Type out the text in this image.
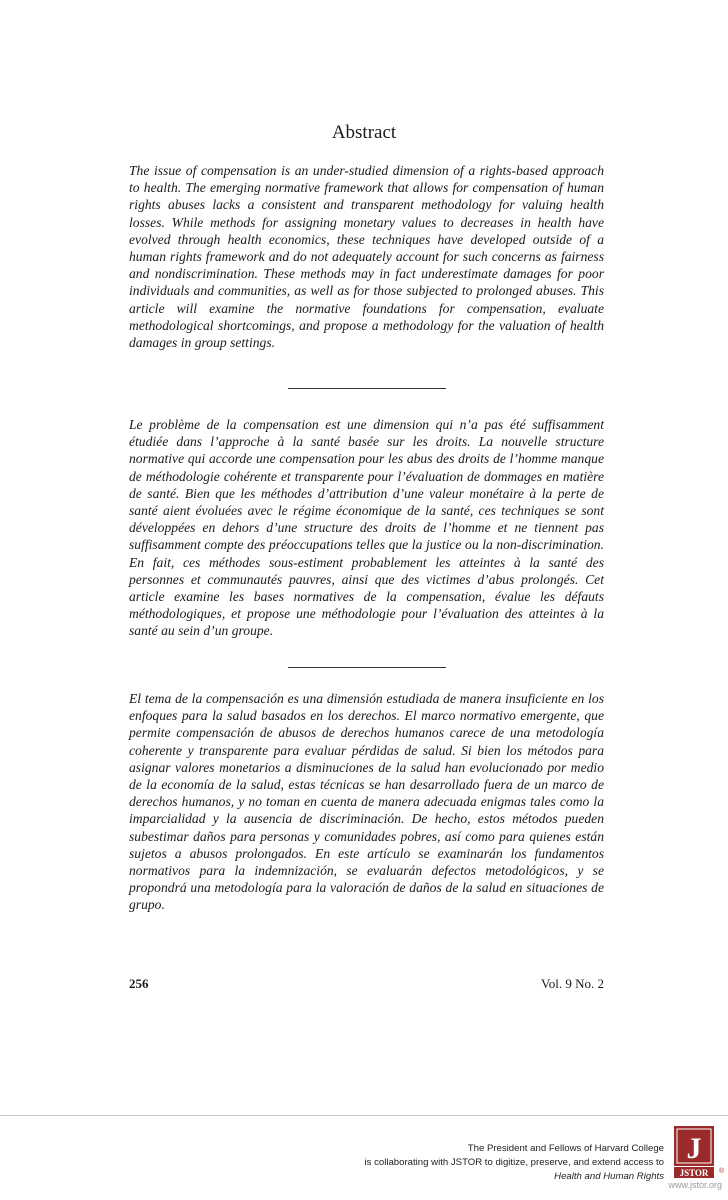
Abstract

The issue of compensation is an under-studied dimension of a rights-based approach to health. The emerging normative framework that allows for compensation of human rights abuses lacks a consistent and transparent methodology for valuing health losses. While methods for assigning monetary values to decreases in health have evolved through health economics, these techniques have developed outside of a human rights framework and do not adequately account for such concerns as fairness and nondiscrimination. These methods may in fact underestimate damages for poor individuals and communities, as well as for those subjected to prolonged abuses. This article will examine the normative foundations for compensation, evaluate methodological shortcomings, and propose a methodology for the valuation of health damages in group settings.

Le problème de la compensation est une dimension qui n’a pas été suffisamment étudiée dans l’approche à la santé basée sur les droits. La nouvelle structure normative qui accorde une compensation pour les abus des droits de l’homme manque de méthodologie cohérente et transparente pour l’évaluation de dommages en matière de santé. Bien que les méthodes d’attribution d’une valeur monétaire à la perte de santé aient évoluées avec le régime économique de la santé, ces techniques se sont développées en dehors d’une structure des droits de l’homme et ne tiennent pas suffisamment compte des préoccupations telles que la justice ou la non-discrimination. En fait, ces méthodes sous-estiment probablement les atteintes à la santé des personnes et communautés pauvres, ainsi que des victimes d’abus prolongés. Cet article examine les bases normatives de la compensation, évalue les défauts méthodologiques, et propose une méthodologie pour l’évaluation des atteintes à la santé au sein d’un groupe.

El tema de la compensación es una dimensión estudiada de manera insuficiente en los enfoques para la salud basados en los derechos. El marco normativo emergente, que permite compensación de abusos de derechos humanos carece de una metodología coherente y transparente para evaluar pérdidas de salud. Si bien los métodos para asignar valores monetarios a disminuciones de la salud han evolucionado por medio de la economía de la salud, estas técnicas se han desarrollado fuera de un marco de derechos humanos, y no toman en cuenta de manera adecuada enigmas tales como la imparcialidad y la ausencia de discriminación. De hecho, estos métodos pueden subestimar daños para personas y comunidades pobres, así como para quienes están sujetos a abusos prolongados. En este artículo se examinarán los fundamentos normativos para la indemnización, se evaluarán defectos metodológicos, y se propondrá una metodología para la valoración de daños de la salud en situaciones de grupo.

256	Vol. 9 No. 2
The President and Fellows of Harvard College
is collaborating with JSTOR to digitize, preserve, and extend access to
Health and Human Rights
J
JSTOR ®
www.jstor.org
